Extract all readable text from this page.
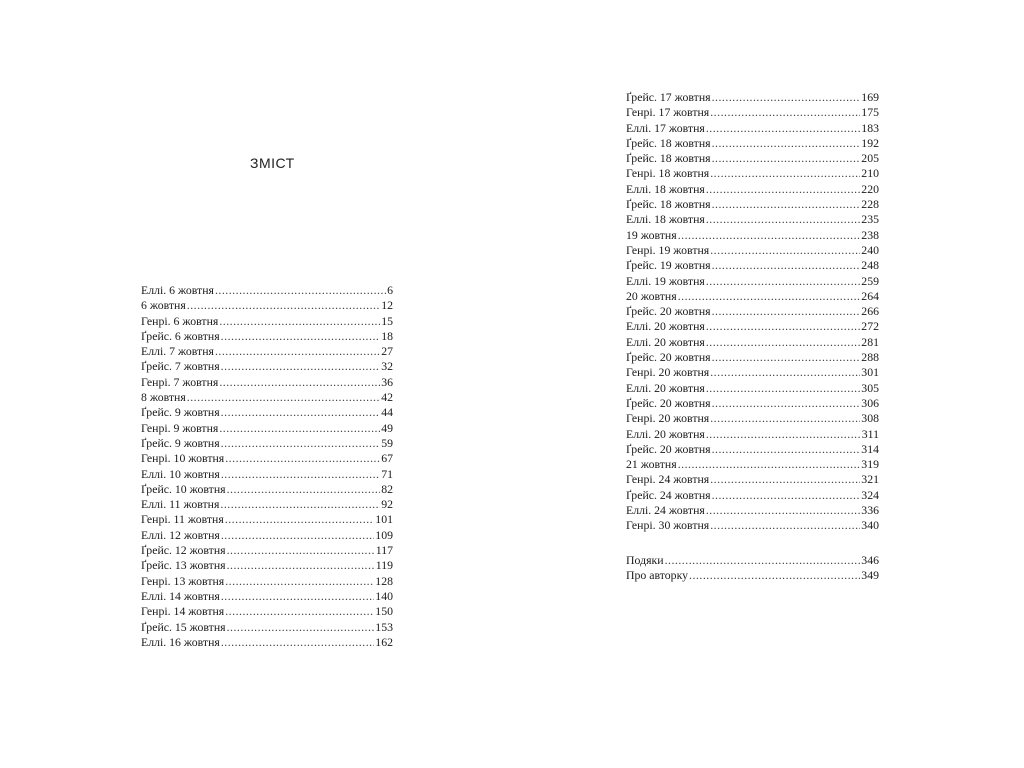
ЗМІСТ
Еллі. 6 жовтня .....	6
6 жовтня .....	12
Генрі. 6 жовтня .....	15
Ґрейс. 6 жовтня .....	18
Еллі. 7 жовтня .....	27
Ґрейс. 7 жовтня .....	32
Генрі. 7 жовтня .....	36
8 жовтня .....	42
Ґрейс. 9 жовтня .....	44
Генрі. 9 жовтня .....	49
Ґрейс. 9 жовтня .....	59
Генрі. 10 жовтня .....	67
Еллі. 10 жовтня .....	71
Ґрейс. 10 жовтня .....	82
Еллі. 11 жовтня .....	92
Генрі. 11 жовтня .....	101
Еллі. 12 жовтня .....	109
Ґрейс. 12 жовтня .....	117
Ґрейс. 13 жовтня .....	119
Генрі. 13 жовтня .....	128
Еллі. 14 жовтня .....	140
Генрі. 14 жовтня .....	150
Ґрейс. 15 жовтня .....	153
Еллі. 16 жовтня .....	162
Ґрейс. 17 жовтня .....	169
Генрі. 17 жовтня .....	175
Еллі. 17 жовтня .....	183
Ґрейс. 18 жовтня .....	192
Ґрейс. 18 жовтня .....	205
Генрі. 18 жовтня .....	210
Еллі. 18 жовтня .....	220
Ґрейс. 18 жовтня .....	228
Еллі. 18 жовтня .....	235
19 жовтня .....	238
Генрі. 19 жовтня .....	240
Ґрейс. 19 жовтня .....	248
Еллі. 19 жовтня .....	259
20 жовтня .....	264
Ґрейс. 20 жовтня .....	266
Еллі. 20 жовтня .....	272
Еллі. 20 жовтня .....	281
Ґрейс. 20 жовтня .....	288
Генрі. 20 жовтня .....	301
Еллі. 20 жовтня .....	305
Ґрейс. 20 жовтня .....	306
Генрі. 20 жовтня .....	308
Еллі. 20 жовтня .....	311
Ґрейс. 20 жовтня .....	314
21 жовтня .....	319
Генрі. 24 жовтня .....	321
Ґрейс. 24 жовтня .....	324
Еллі. 24 жовтня .....	336
Генрі. 30 жовтня .....	340
Подяки .....	346
Про авторку .....	349
